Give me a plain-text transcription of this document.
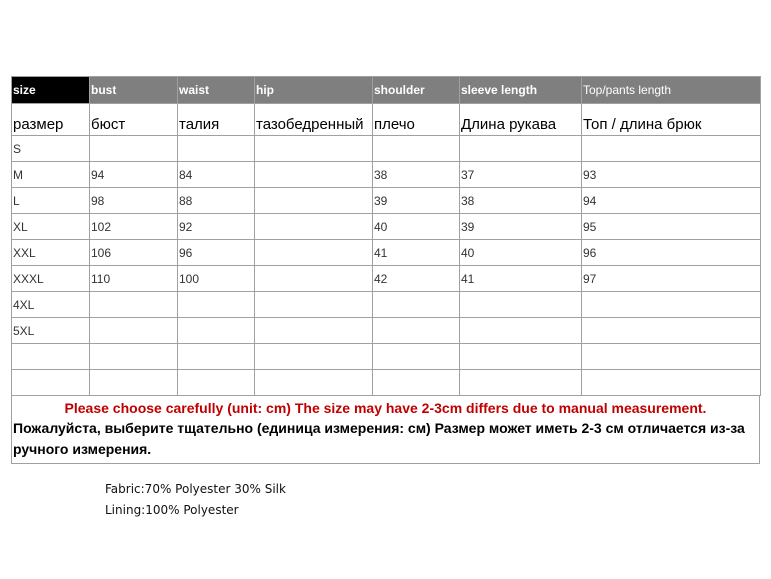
size	bust	waist	hip	shoulder	sleeve length	Top/pants length
размер	бюст	талия	тазобедренный	плечо	Длина рукава	Топ / длина брюк
S						
M	94	84		38	37	93
L	98	88		39	38	94
XL	102	92		40	39	95
XXL	106	96		41	40	96
XXXL	110	100		42	41	97
4XL						
5XL						

Please choose carefully (unit: cm) The size may have 2-3cm differs due to manual measurement.
Пожалуйста, выберите тщательно (единица измерения: см) Размер может иметь 2-3 см отличается из-за ручного измерения.
Fabric:70% Polyester 30% Silk
Lining:100% Polyester
